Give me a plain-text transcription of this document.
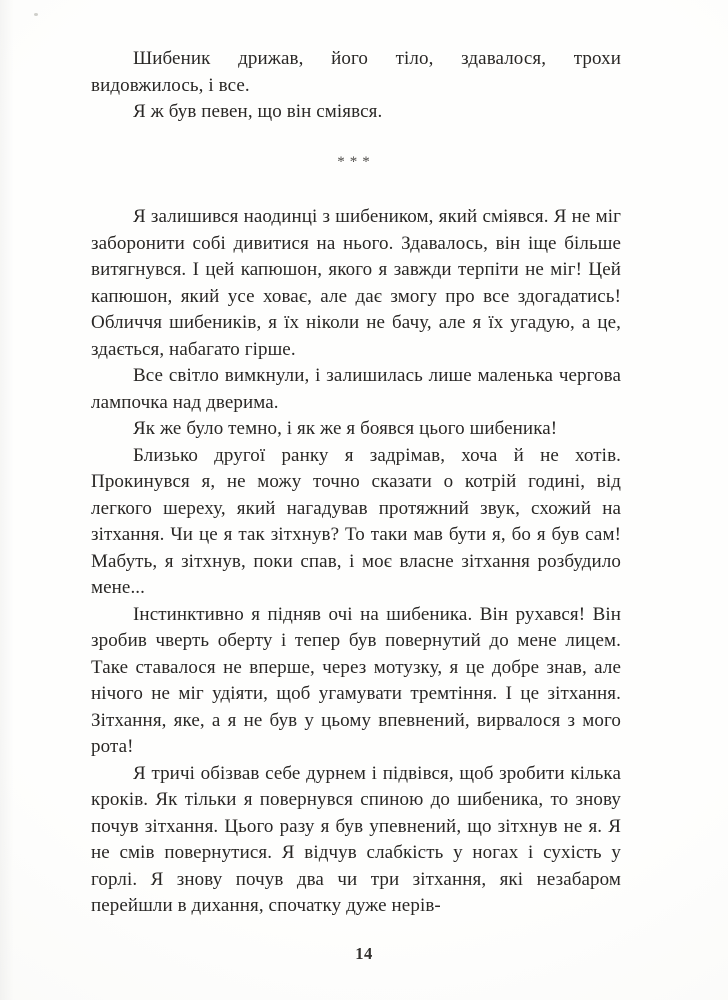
Шибеник дрижав, його тіло, здавалося, трохи видовжилось, і все.

Я ж був певен, що він сміявся.

***

Я залишився наодинці з шибеником, який сміявся. Я не міг заборонити собі дивитися на нього. Здавалось, він іще більше витягнувся. І цей капюшон, якого я завжди терпіти не міг! Цей капюшон, який усе ховає, але дає змогу про все здогадатись! Обличчя шибеників, я їх ніколи не бачу, але я їх угадую, а це, здається, набагато гірше.

Все світло вимкнули, і залишилась лише маленька чергова лампочка над дверима.

Як же було темно, і як же я боявся цього шибеника!

Близько другої ранку я задрімав, хоча й не хотів. Прокинувся я, не можу точно сказати о котрій годині, від легкого шереху, який нагадував протяжний звук, схожий на зітхання. Чи це я так зітхнув? То таки мав бути я, бо я був сам! Мабуть, я зітхнув, поки спав, і моє власне зітхання розбудило мене...

Інстинктивно я підняв очі на шибеника. Він рухався! Він зробив чверть оберту і тепер був повернутий до мене лицем. Таке ставалося не вперше, через мотузку, я це добре знав, але нічого не міг удіяти, щоб угамувати тремтіння. І це зітхання. Зітхання, яке, а я не був у цьому впевнений, вирвалося з мого рота!

Я тричі обізвав себе дурнем і підвівся, щоб зробити кілька кроків. Як тільки я повернувся спиною до шибеника, то знову почув зітхання. Цього разу я був упевнений, що зітхнув не я. Я не смів повернутися. Я відчув слабкість у ногах і сухість у горлі. Я знову почув два чи три зітхання, які незабаром перейшли в дихання, спочатку дуже нерів-

14
